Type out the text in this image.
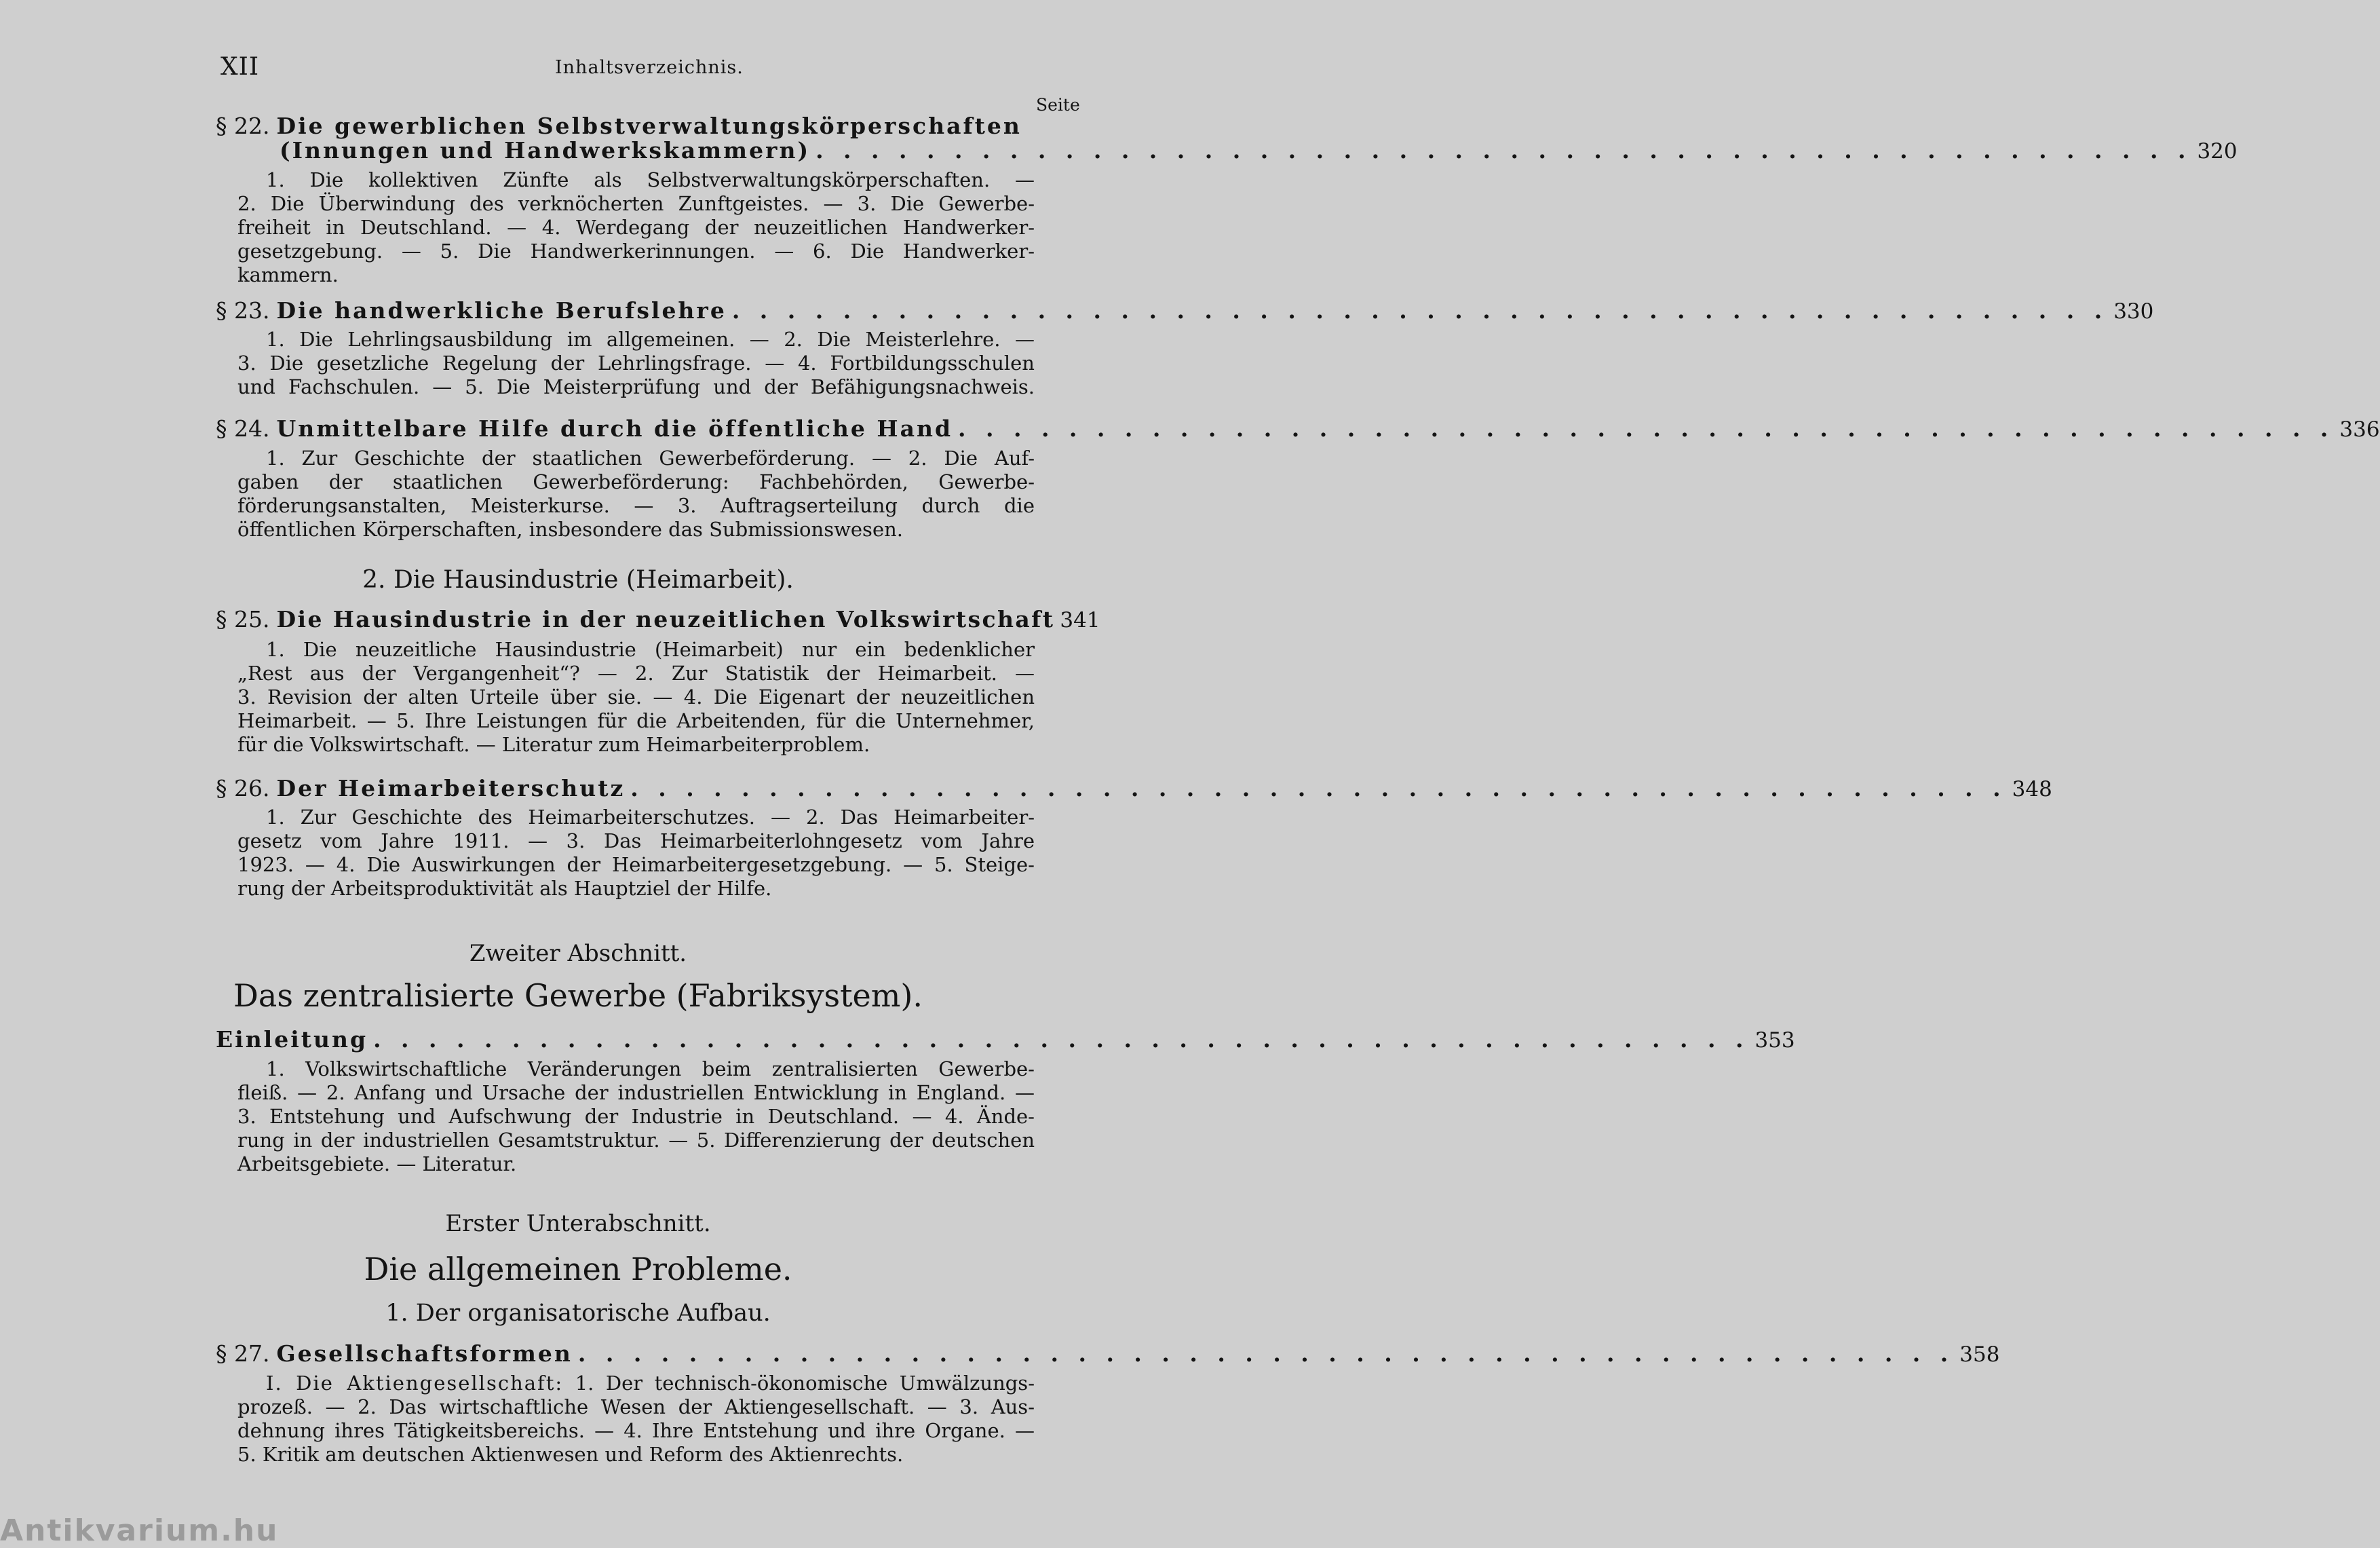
XII	Inhaltsverzeichnis.
Seite
§ 22. Die gewerblichen Selbstverwaltungskörperschaften
(Innungen und Handwerkskammern) . . . . . . . . . . . . . . . . . . . . . . . . . . . . . . . . . . . . . . . . . . . . . . . . . . 320
1. Die kollektiven Zünfte als Selbstverwaltungskörperschaften. —
2. Die Überwindung des verknöcherten Zunftgeistes. — 3. Die Gewerbe-
freiheit in Deutschland. — 4. Werdegang der neuzeitlichen Handwerker-
gesetzgebung. — 5. Die Handwerkerinnungen. — 6. Die Handwerker-
kammern.
§ 23. Die handwerkliche Berufslehre . . . . . . . . . . . . . . . . . . . . . . . . . . . . . . . . . . . . . . . . . . . . . . . . . . 330
1. Die Lehrlingsausbildung im allgemeinen. — 2. Die Meisterlehre. —
3. Die gesetzliche Regelung der Lehrlingsfrage. — 4. Fortbildungsschulen
und Fachschulen. — 5. Die Meisterprüfung und der Befähigungsnachweis.
§ 24. Unmittelbare Hilfe durch die öffentliche Hand . . . . . . . . . . . . . . . . . . . . . . . . . . . . . . . . . . . . . . . . . . . . . . . . . . 336
1. Zur Geschichte der staatlichen Gewerbeförderung. — 2. Die Auf-
gaben der staatlichen Gewerbeförderung: Fachbehörden, Gewerbe-
förderungsanstalten, Meisterkurse. — 3. Auftragserteilung durch die
öffentlichen Körperschaften, insbesondere das Submissionswesen.
2. Die Hausindustrie (Heimarbeit).
§ 25. Die Hausindustrie in der neuzeitlichen Volkswirtschaft 341
1. Die neuzeitliche Hausindustrie (Heimarbeit) nur ein bedenklicher
„Rest aus der Vergangenheit“? — 2. Zur Statistik der Heimarbeit. —
3. Revision der alten Urteile über sie. — 4. Die Eigenart der neuzeitlichen
Heimarbeit. — 5. Ihre Leistungen für die Arbeitenden, für die Unternehmer,
für die Volkswirtschaft. — Literatur zum Heimarbeiterproblem.
§ 26. Der Heimarbeiterschutz . . . . . . . . . . . . . . . . . . . . . . . . . . . . . . . . . . . . . . . . . . . . . . . . . . 348
1. Zur Geschichte des Heimarbeiterschutzes. — 2. Das Heimarbeiter-
gesetz vom Jahre 1911. — 3. Das Heimarbeiterlohngesetz vom Jahre
1923. — 4. Die Auswirkungen der Heimarbeitergesetzgebung. — 5. Steige-
rung der Arbeitsproduktivität als Hauptziel der Hilfe.
Zweiter Abschnitt.
Das zentralisierte Gewerbe (Fabriksystem).
Einleitung . . . . . . . . . . . . . . . . . . . . . . . . . . . . . . . . . . . . . . . . . . . . . . . . . . 353
1. Volkswirtschaftliche Veränderungen beim zentralisierten Gewerbe-
fleiß. — 2. Anfang und Ursache der industriellen Entwicklung in England. —
3. Entstehung und Aufschwung der Industrie in Deutschland. — 4. Ände-
rung in der industriellen Gesamtstruktur. — 5. Differenzierung der deutschen
Arbeitsgebiete. — Literatur.
Erster Unterabschnitt.
Die allgemeinen Probleme.
1. Der organisatorische Aufbau.
§ 27. Gesellschaftsformen . . . . . . . . . . . . . . . . . . . . . . . . . . . . . . . . . . . . . . . . . . . . . . . . . . 358
I. Die Aktiengesellschaft: 1. Der technisch-ökonomische Umwälzungs-
prozeß. — 2. Das wirtschaftliche Wesen der Aktiengesellschaft. — 3. Aus-
dehnung ihres Tätigkeitsbereichs. — 4. Ihre Entstehung und ihre Organe. —
5. Kritik am deutschen Aktienwesen und Reform des Aktienrechts.
Antikvarium.hu
